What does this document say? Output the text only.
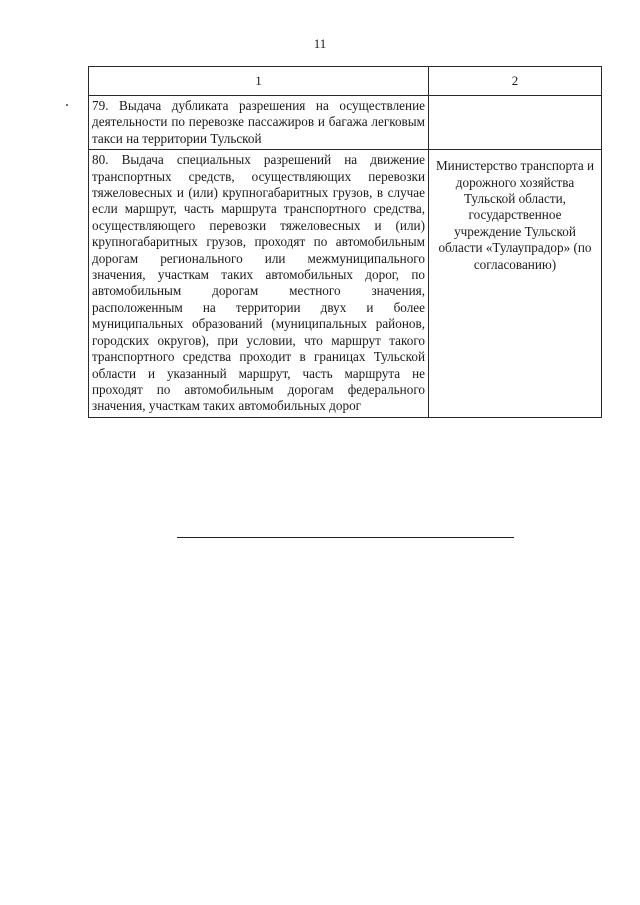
11
1	2

79. Выдача дубликата разрешения на осуществление деятельности по перевозке пассажиров и багажа легковым такси на территории Тульской	

80. Выдача специальных разрешений на движение транспортных средств, осуществляющих перевозки тяжеловесных и (или) крупногабаритных грузов, в случае если маршрут, часть маршрута транспортного средства, осуществляющего перевозки тяжеловесных и (или) крупногабаритных грузов, проходят по автомобильным дорогам регионального или межмуниципального значения, участкам таких автомобильных дорог, по автомобильным дорогам местного значения, расположенным на территории двух и более муниципальных образований (муниципальных районов, городских округов), при условии, что маршрут такого транспортного средства проходит в границах Тульской области и указанный маршрут, часть маршрута не проходят по автомобильным дорогам федерального значения, участкам таких автомобильных дорог	Министерство транспорта и дорожного хозяйства Тульской области, государственное учреждение Тульской области «Тулаупрадор» (по согласованию)
